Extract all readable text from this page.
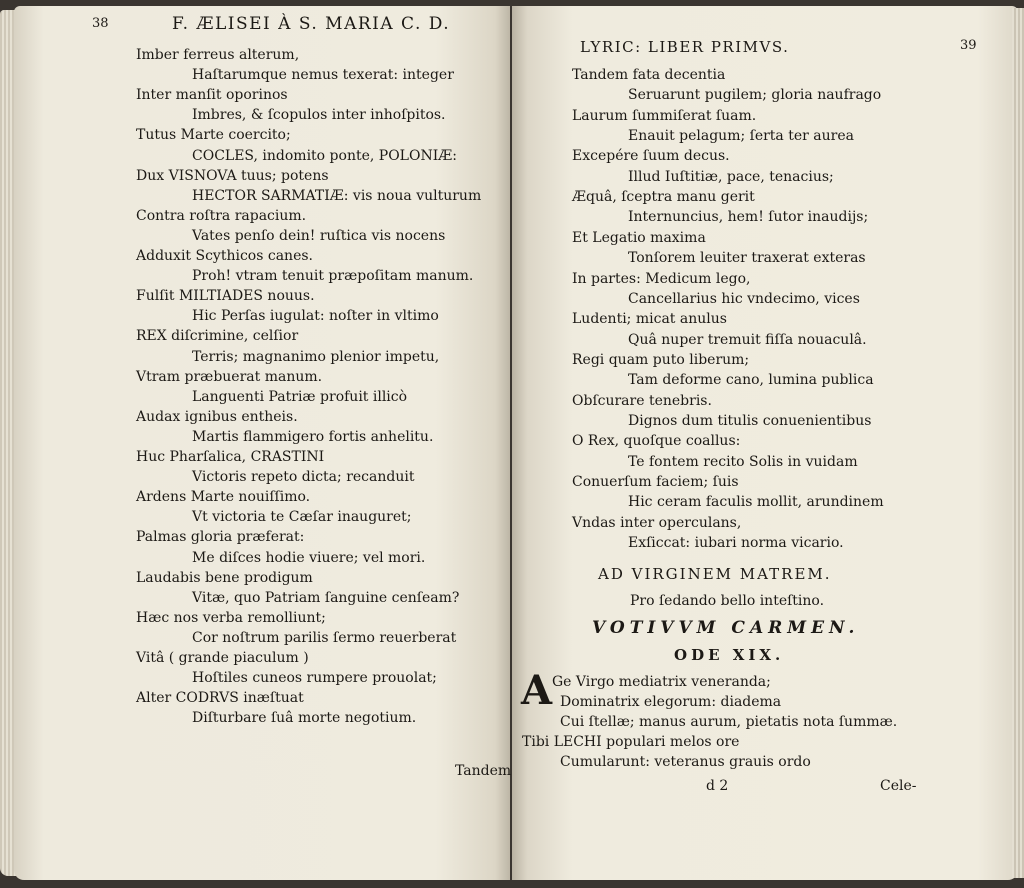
38	F. ÆLISEI À S. MARIA C. D.
Imber ferreus alterum,
Haſtarumque nemus texerat: integer
Inter manſit oporinos
Imbres, & ſcopulos inter inhoſpitos.
Tutus Marte coercito;
COCLES, indomito ponte, POLONIÆ:
Dux VISNOVA tuus; potens
HECTOR SARMATIÆ: vis noua vulturum
Contra roſtra rapacium.
Vates penſo dein! ruſtica vis nocens
Adduxit Scythicos canes.
Proh! vtram tenuit præpoſitam manum.
Fulſit MILTIADES nouus.
Hic Perſas iugulat: noſter in vltimo
REX diſcrimine, celſior
Terris; magnanimo plenior impetu,
Vtram præbuerat manum.
Languenti Patriæ profuit illicò
Audax ignibus entheis.
Martis flammigero fortis anhelitu.
Huc Pharſalica, CRASTINI
Victoris repeto dicta; recanduit
Ardens Marte nouiſſimo.
Vt victoria te Cæſar inauguret;
Palmas gloria præferat:
Me diſces hodie viuere; vel mori.
Laudabis bene prodigum
Vitæ, quo Patriam ſanguine cenſeam?
Hæc nos verba remolliunt;
Cor noſtrum parilis ſermo reuerberat
Vitâ ( grande piaculum )
Hoſtiles cuneos rumpere prouolat;
Alter CODRVS inæſtuat
Diſturbare ſuâ morte negotium.
Tandem
LYRIC: LIBER PRIMVS.	39
Tandem fata decentia
Seruarunt pugilem; gloria naufrago
Laurum ſummiſerat ſuam.
Enauit pelagum; ſerta ter aurea
Excepére ſuum decus.
Illud Iuſtitiæ, pace, tenacius;
Æquâ, ſceptra manu gerit
Internuncius, hem! ſutor inaudijs;
Et Legatio maxima
Tonſorem leuiter traxerat exteras
In partes: Medicum lego,
Cancellarius hic vndecimo, vices
Ludenti; micat anulus
Quâ nuper tremuit fiſſa nouaculâ.
Regi quam puto liberum;
Tam deforme cano, lumina publica
Obſcurare tenebris.
Dignos dum titulis conuenientibus
O Rex, quoſque coallus:
Te fontem recito Solis in vuidam
Conuerſum faciem; ſuis
Hic ceram faculis mollit, arundinem
Vndas inter operculans,
Exſiccat: iubari norma vicario.
AD VIRGINEM MATREM.
Pro ſedando bello inteſtino.
VOTIVVM CARMEN.
ODE XIX.
A Ge Virgo mediatrix veneranda;
Dominatrix elegorum: diadema
Cui ſtellæ; manus aurum, pietatis nota ſummæ.
Tibi LECHI populari melos ore
Cumularunt: veteranus grauis ordo
d 2	Cele-
